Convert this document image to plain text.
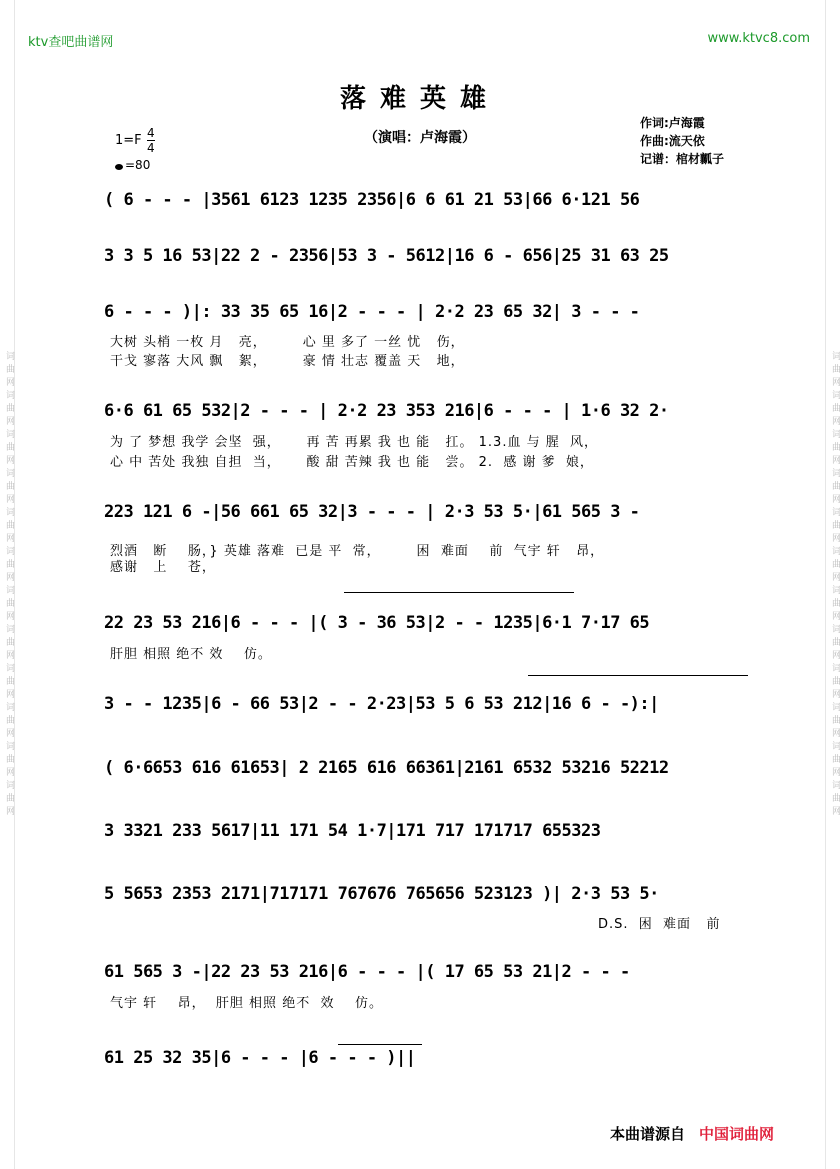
词曲网词曲网词曲网词曲网词曲网词曲网词曲网词曲网词曲网词曲网词曲网词曲网	词曲网词曲网词曲网词曲网词曲网词曲网词曲网词曲网词曲网词曲网词曲网词曲网
ktv查吧曲谱网	www.ktvc8.com
落难英雄
（演唱：卢海霞）
作词:卢海霞
作曲:流天依
记谱：棺材瓤子
$1=F \frac{4}{4}$
=80
( 6 - - - |3561 6123 1235 2356|6 6 61 21 53|66 6·121 56
3 3 5 16 53|22 2 - 2356|53 3 - 5612|16 6 - 656|25 31 63 25
6 - - - )|: 33 35 65 16|2 - - - | 2·2 23 65 32| 3 - - -
大树 头梢 一枚 月   亮，       心 里 多了 一丝 忧   伤，
干戈 寥落 大风 飘   絮，       豪 情 壮志 覆盖 天   地，
6·6 61 65 532|2 - - - | 2·2 23 353 216|6 - - - | 1·6 32 2·
为 了 梦想 我学 会坚  强，     再 苦 再累 我 也 能   扛。 1.3.血 与 腥  风，
心 中 苦处 我独 自担  当，     酸 甜 苦辣 我 也 能   尝。 2.  感 谢 爹  娘，
223 121 6 -|56 661 65 32|3 - - - | 2·3 53 5·|61 565 3 -
烈酒   断    肠，} 英雄 落难  已是 平  常，       困  难面    前  气宇 轩   昂，
感谢   上    苍，
22 23 53 216|6 - - - |( 3 - 36 53|2 - - 1235|6·1 7·17 65
肝胆 相照 绝不 效    仿。
3 - - 1235|6 - 66 53|2 - - 2·23|53 5 6 53 212|16 6 - -):|
( 6·6653 616 61653| 2 2165 616 66361|2161 6532 53216 52212
3 3321 233 5617|11 171 54 1·7|171 717 171717 655323
5 5653 2353 2171|717171 767676 765656 523123 )| 2·3 53 5·
D.S.  困  难面   前
61 565 3 -|22 23 53 216|6 - - - |( 17 65 53 21|2 - - -
气宇 轩    昂，  肝胆 相照 绝不  效    仿。
61 25 32 35|6 - - - |6 - - - )||
本曲谱源自 中国词曲网
